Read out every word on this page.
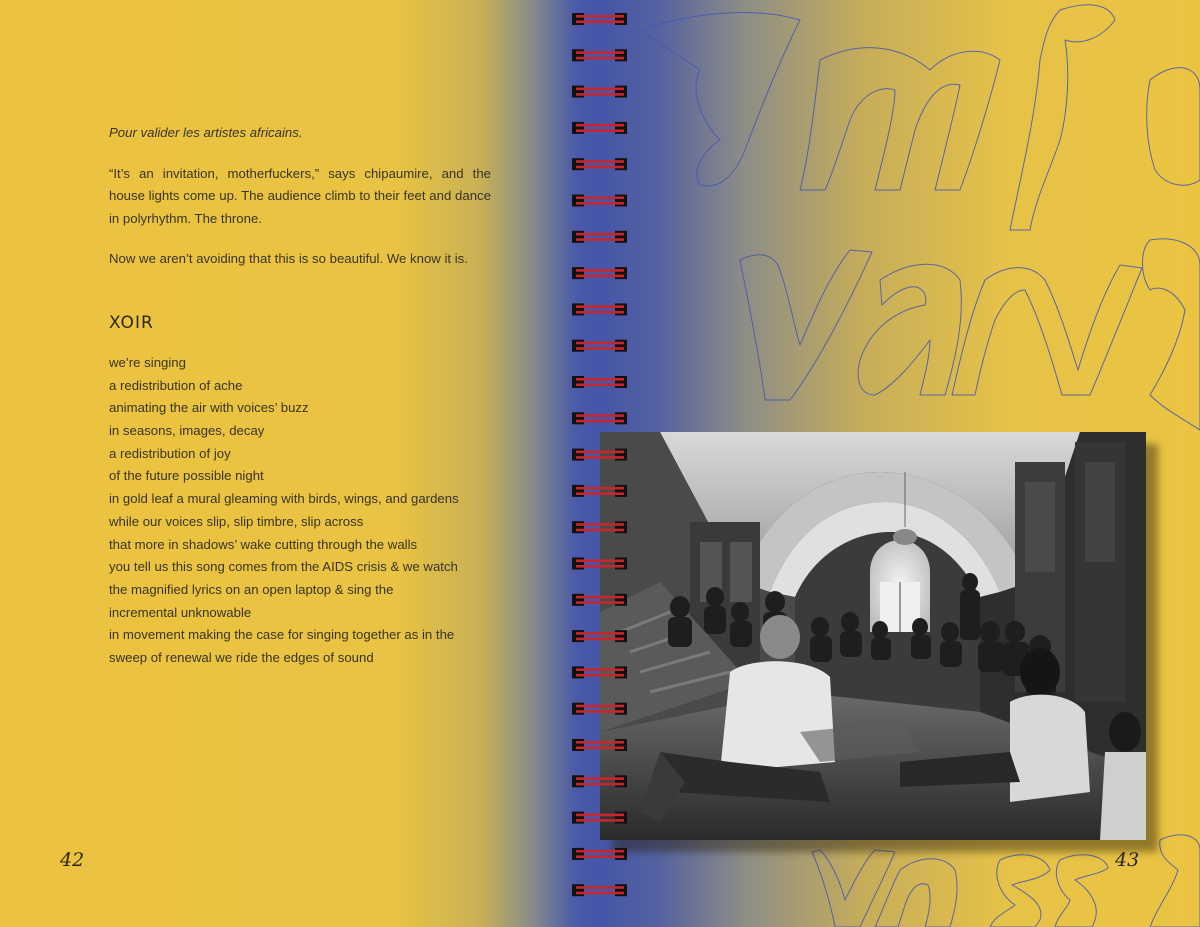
Pour valider les artistes africains.

“It’s an invitation, motherfuckers,” says chipaumire, and the house lights come up. The audience climb to their feet and dance in polyrhythm. The throne.

Now we aren’t avoiding that this is so beautiful. We know it is.

XOIR
we’re singing
a redistribution of ache
animating the air with voices’ buzz
in seasons, images, decay
a redistribution of joy
of the future possible night
in gold leaf a mural gleaming with birds, wings, and gardens
while our voices slip, slip timbre, slip across
that more in shadows’ wake cutting through the walls
you tell us this song comes from the AIDS crisis & we watch
the magnified lyrics on an open laptop & sing the
incremental unknowable
in movement making the case for singing together as in the
sweep of renewal we ride the edges of sound
42	43
